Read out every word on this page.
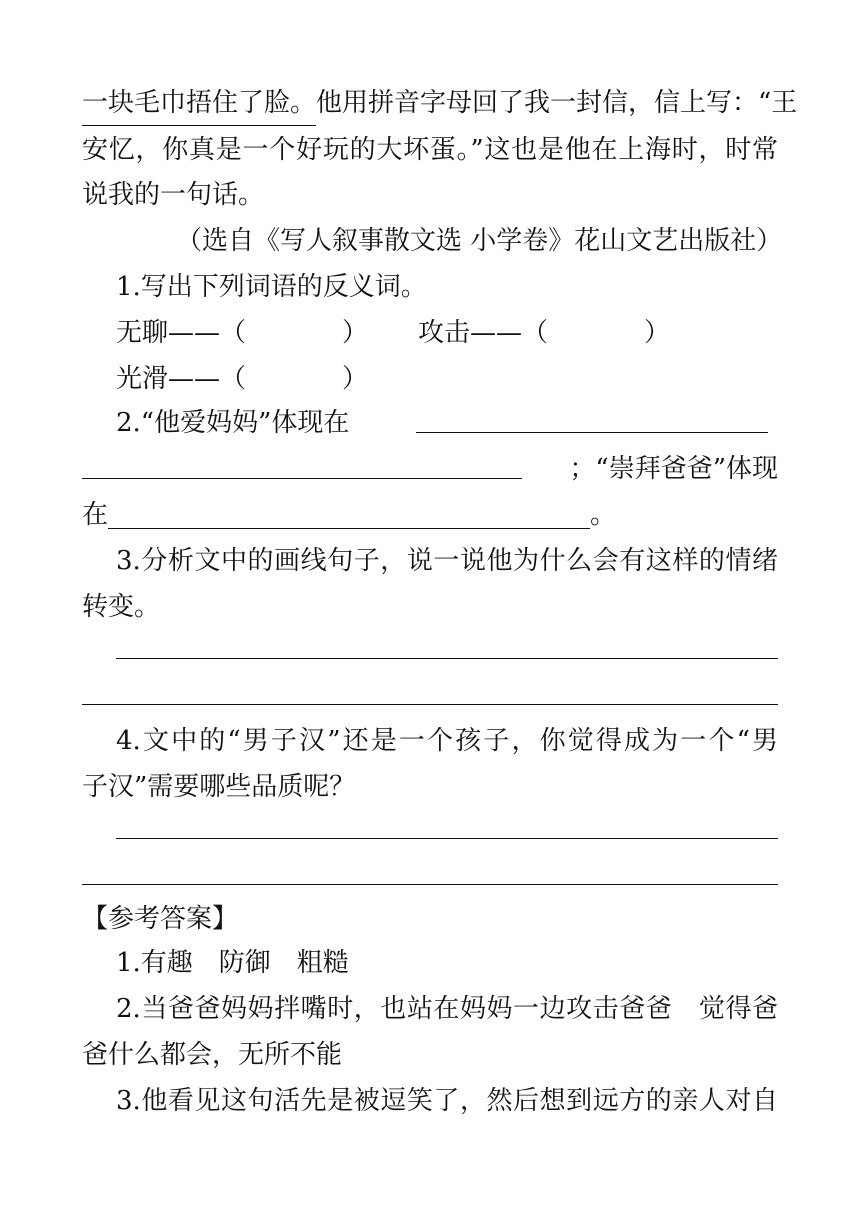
一块毛巾捂住了脸。 他用拼音字母回了我一封信，信上写：“王
安忆，你真是一个好玩的大坏蛋。”这也是他在上海时，时常
说我的一句话。
（选自《写人叙事散文选 小学卷》花山文艺出版社）
1.写出下列词语的反义词。
无聊——（	） 攻击——（	）
光滑——（	）
2.“他爱妈妈”体现在
；“崇拜爸爸”体现
在	。
3.分析文中的画线句子，说一说他为什么会有这样的情绪
转变。
4.文中的“男子汉”还是一个孩子，你觉得成为一个“男
子汉”需要哪些品质呢？
【参考答案】
1.有趣　防御　粗糙
2.当爸爸妈妈拌嘴时，也站在妈妈一边攻击爸爸　觉得爸
爸什么都会，无所不能
3.他看见这句活先是被逗笑了，然后想到远方的亲人对自
